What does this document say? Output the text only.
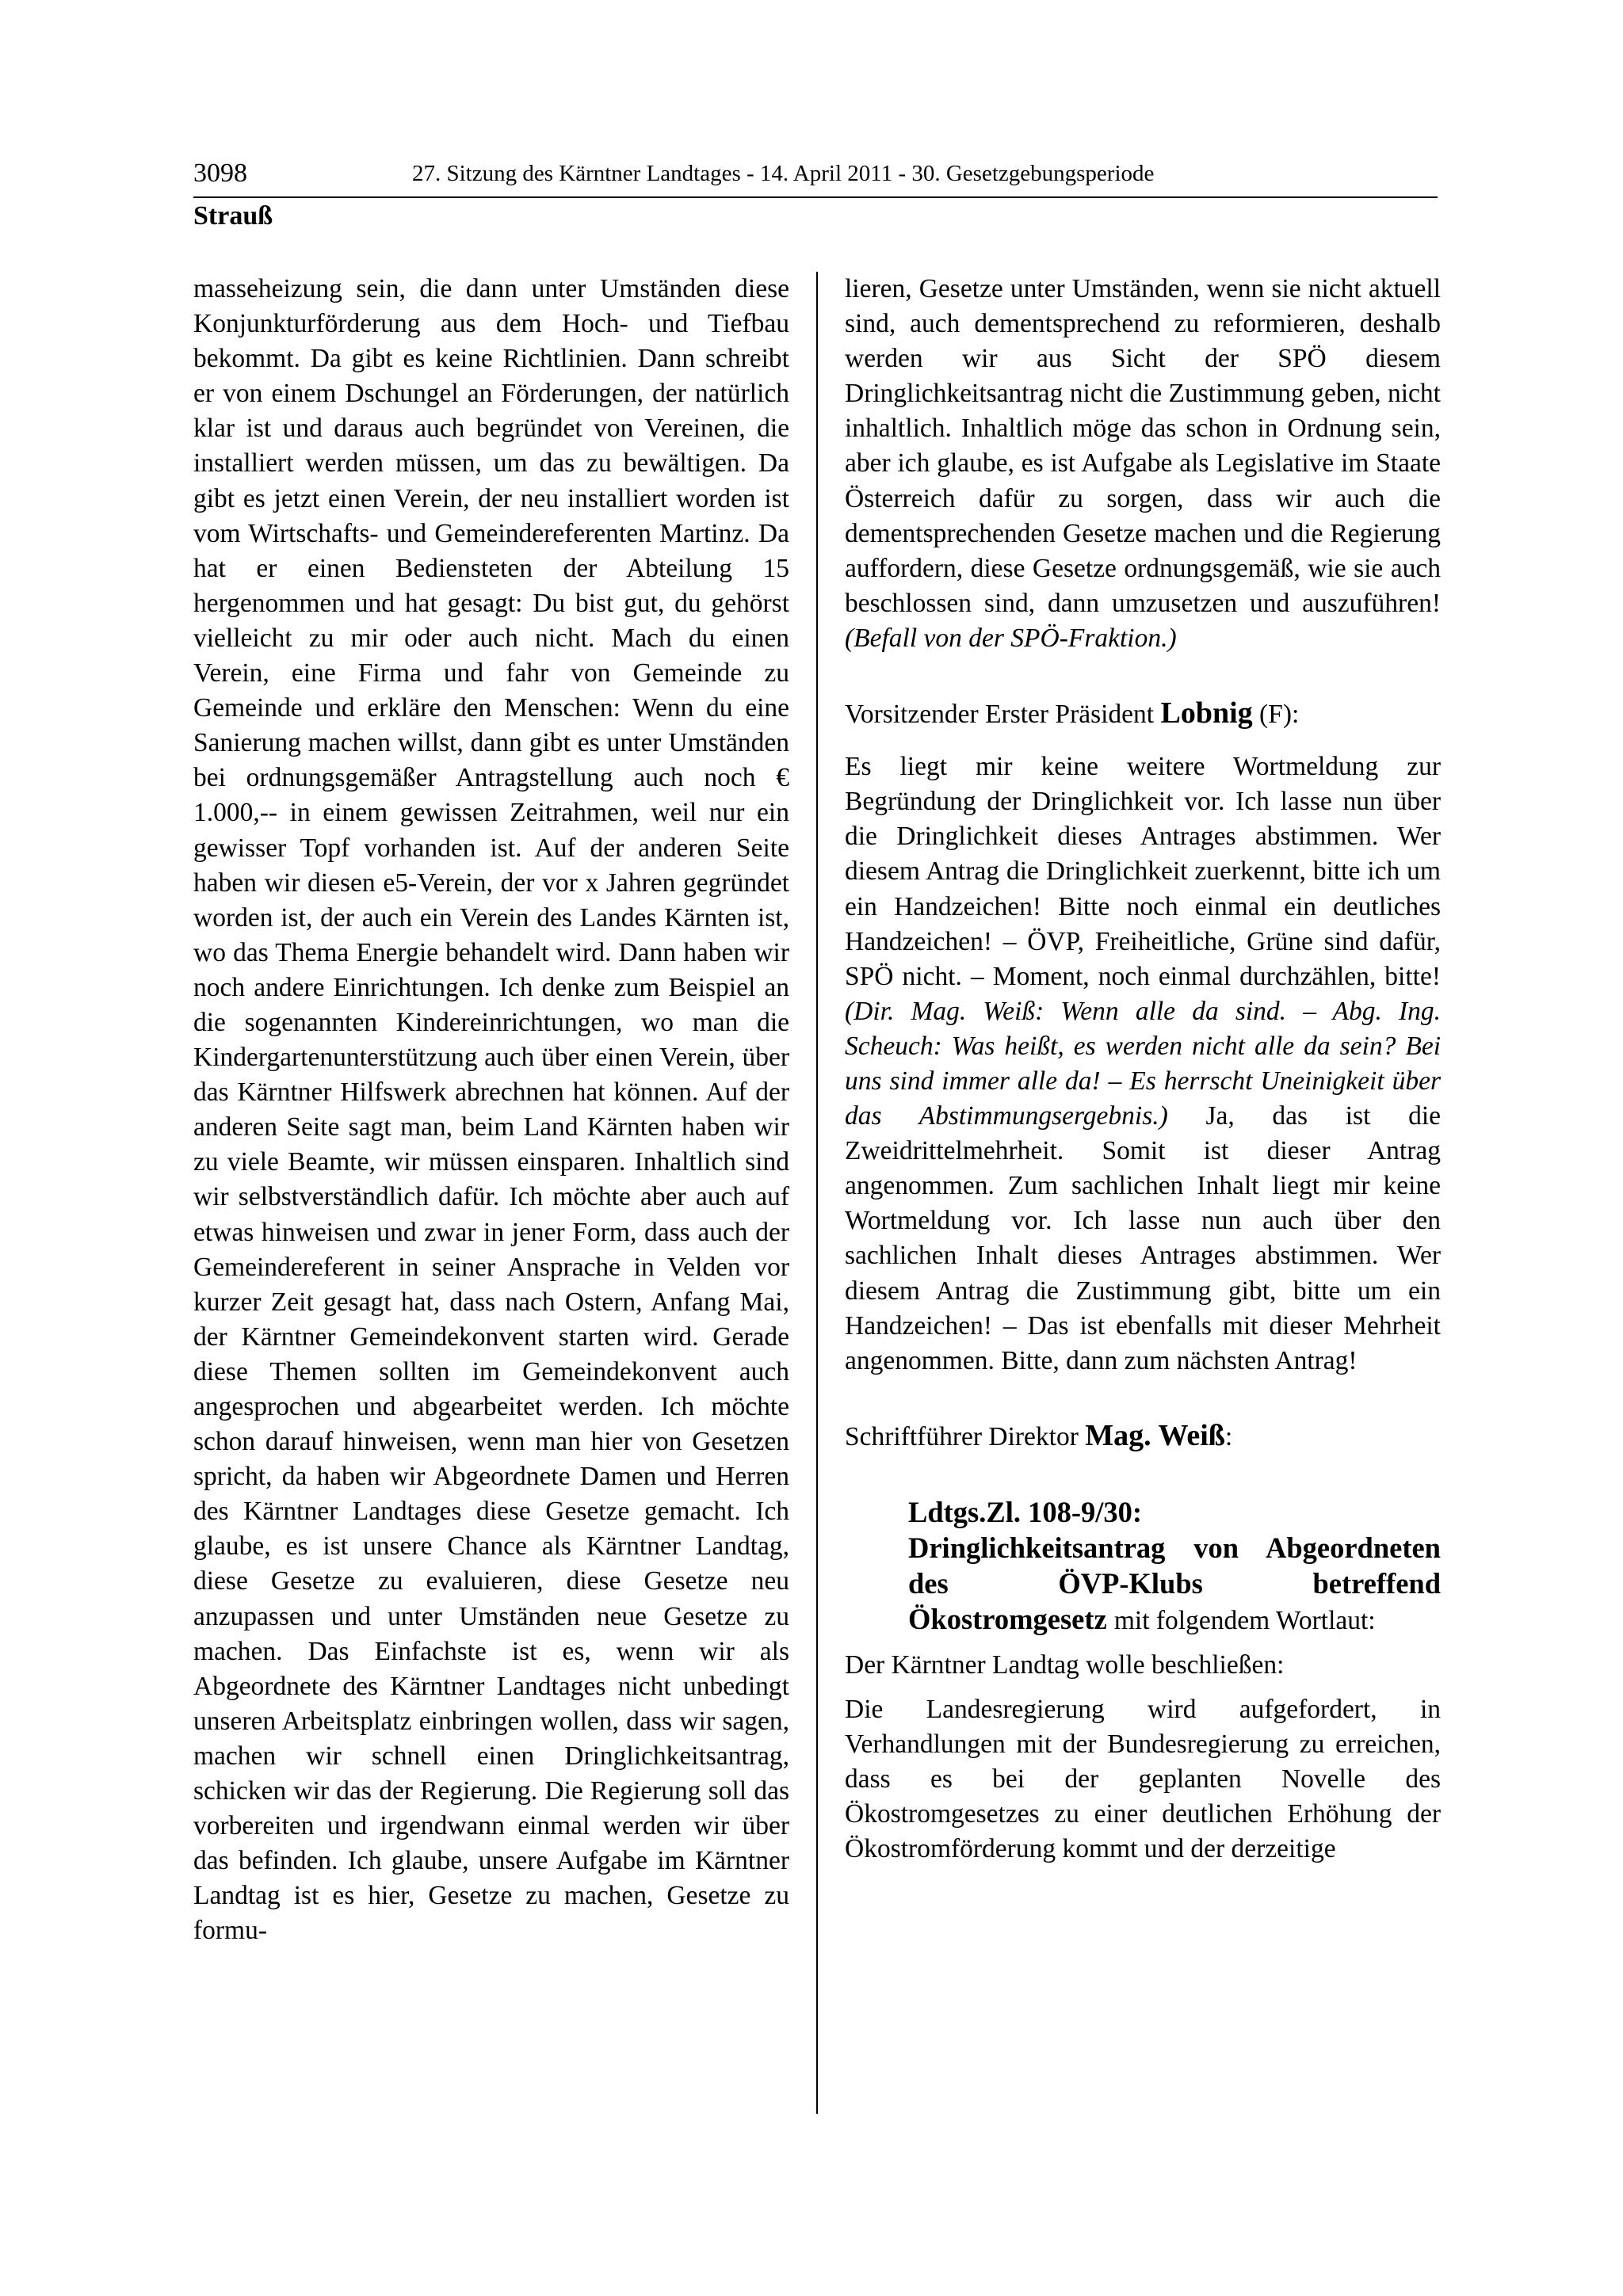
3098	27. Sitzung des Kärntner Landtages - 14. April 2011 - 30. Gesetzgebungsperiode
Strauß

masseheizung sein, die dann unter Umständen diese Konjunkturförderung aus dem Hoch- und Tiefbau bekommt. Da gibt es keine Richtlinien. Dann schreibt er von einem Dschungel an Förderungen, der natürlich klar ist und daraus auch begründet von Vereinen, die installiert werden müssen, um das zu bewältigen. Da gibt es jetzt einen Verein, der neu installiert worden ist vom Wirtschafts- und Gemeindereferenten Martinz. Da hat er einen Bediensteten der Abteilung 15 hergenommen und hat gesagt: Du bist gut, du gehörst vielleicht zu mir oder auch nicht. Mach du einen Verein, eine Firma und fahr von Gemeinde zu Gemeinde und erkläre den Menschen: Wenn du eine Sanierung machen willst, dann gibt es unter Umständen bei ordnungsgemäßer Antragstellung auch noch € 1.000,-- in einem gewissen Zeitrahmen, weil nur ein gewisser Topf vorhanden ist. Auf der anderen Seite haben wir diesen e5-Verein, der vor x Jahren gegründet worden ist, der auch ein Verein des Landes Kärnten ist, wo das Thema Energie behandelt wird. Dann haben wir noch andere Einrichtungen. Ich denke zum Beispiel an die sogenannten Kindereinrichtungen, wo man die Kindergartenunterstützung auch über einen Verein, über das Kärntner Hilfswerk abrechnen hat können. Auf der anderen Seite sagt man, beim Land Kärnten haben wir zu viele Beamte, wir müssen einsparen. Inhaltlich sind wir selbstverständlich dafür. Ich möchte aber auch auf etwas hinweisen und zwar in jener Form, dass auch der Gemeindereferent in seiner Ansprache in Velden vor kurzer Zeit gesagt hat, dass nach Ostern, Anfang Mai, der Kärntner Gemeindekonvent starten wird. Gerade diese Themen sollten im Gemeindekonvent auch angesprochen und abgearbeitet werden. Ich möchte schon darauf hinweisen, wenn man hier von Gesetzen spricht, da haben wir Abgeordnete Damen und Herren des Kärntner Landtages diese Gesetze gemacht. Ich glaube, es ist unsere Chance als Kärntner Landtag, diese Gesetze zu evaluieren, diese Gesetze neu anzupassen und unter Umständen neue Gesetze zu machen. Das Einfachste ist es, wenn wir als Abgeordnete des Kärntner Landtages nicht unbedingt unseren Arbeitsplatz einbringen wollen, dass wir sagen, machen wir schnell einen Dringlichkeitsantrag, schicken wir das der Regierung. Die Regierung soll das vorbereiten und irgendwann einmal werden wir über das befinden. Ich glaube, unsere Aufgabe im Kärntner Landtag ist es hier, Gesetze zu machen, Gesetze zu formu-

lieren, Gesetze unter Umständen, wenn sie nicht aktuell sind, auch dementsprechend zu reformieren, deshalb werden wir aus Sicht der SPÖ diesem Dringlichkeitsantrag nicht die Zustimmung geben, nicht inhaltlich. Inhaltlich möge das schon in Ordnung sein, aber ich glaube, es ist Aufgabe als Legislative im Staate Österreich dafür zu sorgen, dass wir auch die dementsprechenden Gesetze machen und die Regierung auffordern, diese Gesetze ordnungsgemäß, wie sie auch beschlossen sind, dann umzusetzen und auszuführen! (Befall von der SPÖ-Fraktion.)

Vorsitzender Erster Präsident Lobnig (F):

Es liegt mir keine weitere Wortmeldung zur Begründung der Dringlichkeit vor. Ich lasse nun über die Dringlichkeit dieses Antrages abstimmen. Wer diesem Antrag die Dringlichkeit zuerkennt, bitte ich um ein Handzeichen! Bitte noch einmal ein deutliches Handzeichen! – ÖVP, Freiheitliche, Grüne sind dafür, SPÖ nicht. – Moment, noch einmal durchzählen, bitte! (Dir. Mag. Weiß: Wenn alle da sind. – Abg. Ing. Scheuch: Was heißt, es werden nicht alle da sein? Bei uns sind immer alle da! – Es herrscht Uneinigkeit über das Abstimmungsergebnis.) Ja, das ist die Zweidrittelmehrheit. Somit ist dieser Antrag angenommen. Zum sachlichen Inhalt liegt mir keine Wortmeldung vor. Ich lasse nun auch über den sachlichen Inhalt dieses Antrages abstimmen. Wer diesem Antrag die Zustimmung gibt, bitte um ein Handzeichen! – Das ist ebenfalls mit dieser Mehrheit angenommen. Bitte, dann zum nächsten Antrag!

Schriftführer Direktor Mag. Weiß:

Ldtgs.Zl. 108-9/30:
Dringlichkeitsantrag von Abgeordneten des ÖVP-Klubs betreffend Ökostromgesetz mit folgendem Wortlaut:

Der Kärntner Landtag wolle beschließen:

Die Landesregierung wird aufgefordert, in Verhandlungen mit der Bundesregierung zu erreichen, dass es bei der geplanten Novelle des Ökostromgesetzes zu einer deutlichen Erhöhung der Ökostromförderung kommt und der derzeitige
